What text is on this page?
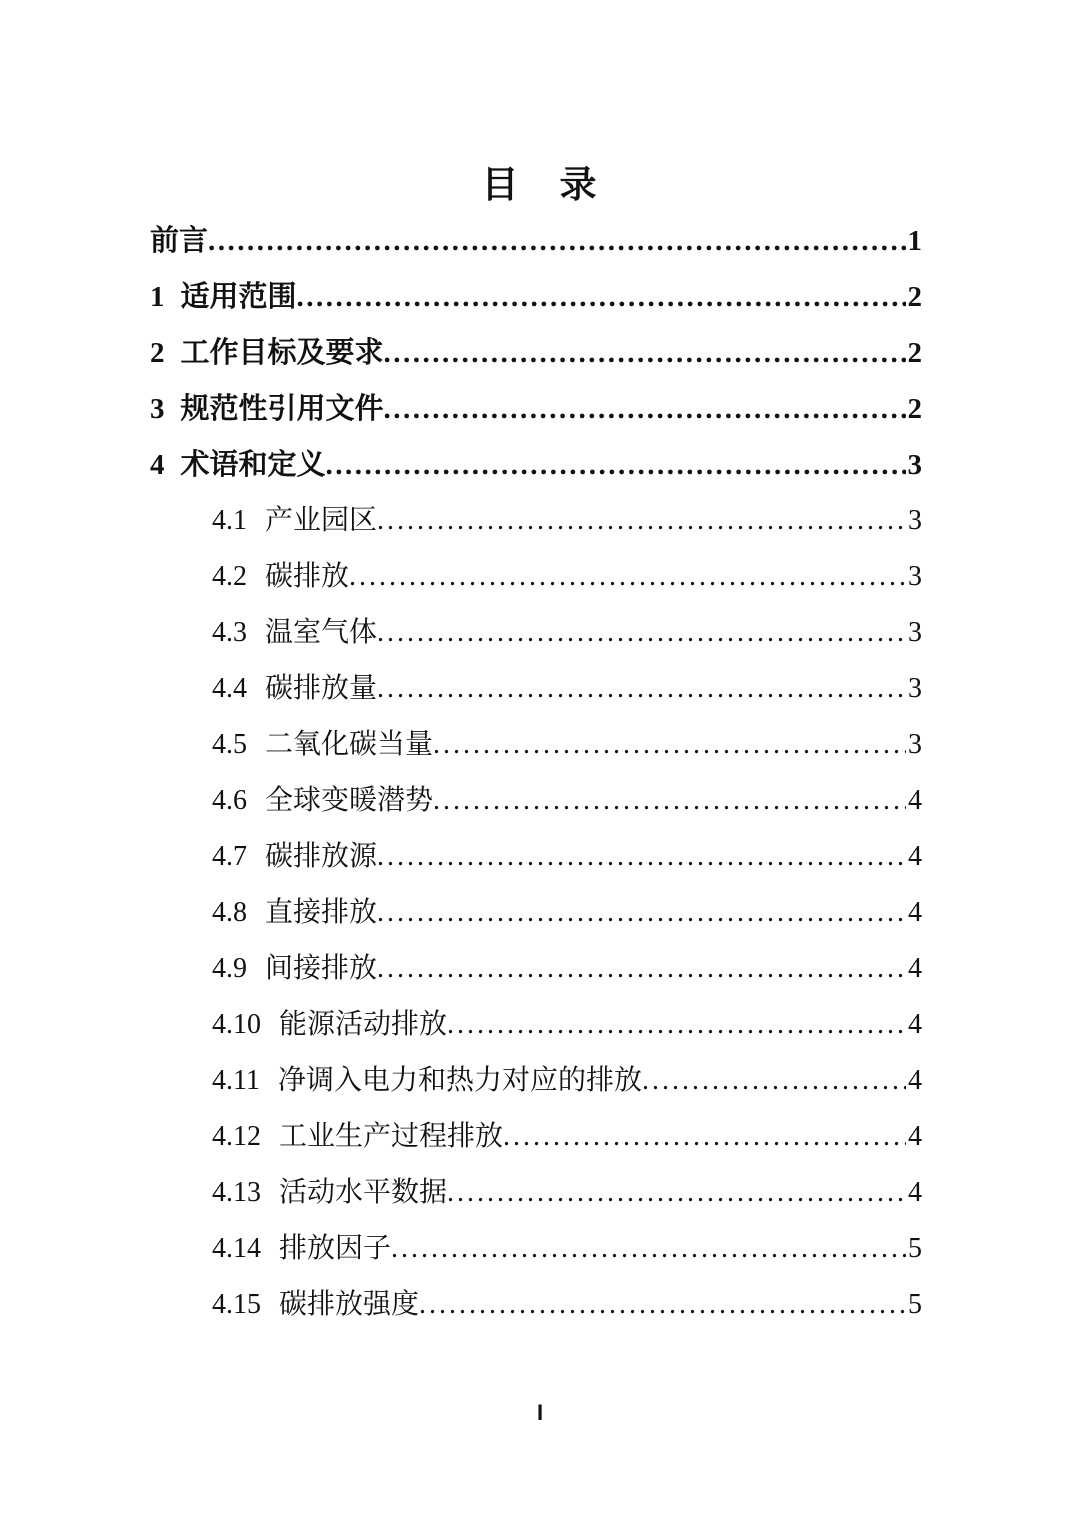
目　录
前言 .....	1
1 适用范围 .....	2
2 工作目标及要求 .....	2
3 规范性引用文件 .....	2
4 术语和定义 .....	3
4.1 产业园区 .....	3
4.2 碳排放 .....	3
4.3 温室气体 .....	3
4.4 碳排放量 .....	3
4.5 二氧化碳当量 .....	3
4.6 全球变暖潜势 .....	4
4.7 碳排放源 .....	4
4.8 直接排放 .....	4
4.9 间接排放 .....	4
4.10 能源活动排放 .....	4
4.11 净调入电力和热力对应的排放 .....	4
4.12 工业生产过程排放 .....	4
4.13 活动水平数据 .....	4
4.14 排放因子 .....	5
4.15 碳排放强度 .....	5
I
